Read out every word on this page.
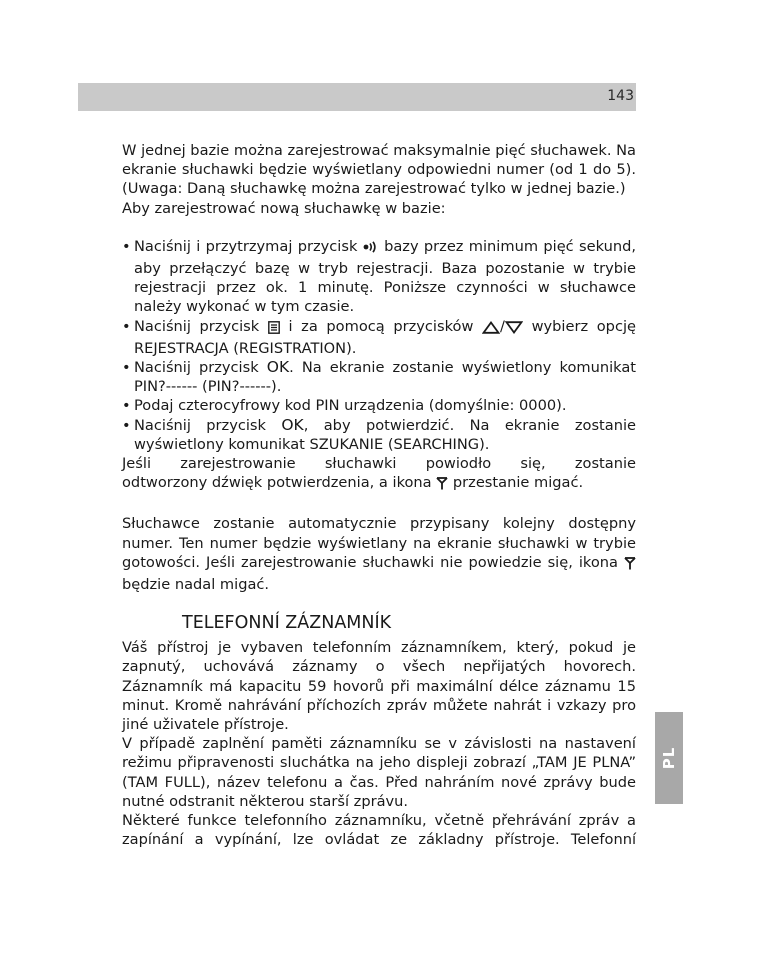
143
PL

W jednej bazie można zarejestrować maksymalnie pięć słuchawek. Na ekranie słuchawki będzie wyświetlany odpowiedni numer (od 1 do 5). (Uwaga: Daną słuchawkę można zarejestrować tylko w jednej bazie.)

Aby zarejestrować nową słuchawkę w bazie:

• Naciśnij i przytrzymaj przycisk  bazy przez minimum pięć sekund, aby przełączyć bazę w tryb rejestracji. Baza pozostanie w trybie rejestracji przez ok. 1 minutę. Poniższe czynności w słuchawce należy wykonać w tym czasie.
• Naciśnij przycisk  i za pomocą przycisków / wybierz opcję REJESTRACJA (REGISTRATION).
• Naciśnij przycisk OK. Na ekranie zostanie wyświetlony komunikat PIN?------ (PIN?------).
• Podaj czterocyfrowy kod PIN urządzenia (domyślnie: 0000).
• Naciśnij przycisk OK, aby potwierdzić. Na ekranie zostanie wyświetlony komunikat SZUKANIE (SEARCHING).

Jeśli zarejestrowanie słuchawki powiodło się, zostanie

odtworzony dźwięk potwierdzenia, a ikona  przestanie migać.

Słuchawce zostanie automatycznie przypisany kolejny dostępny numer. Ten numer będzie wyświetlany na ekranie słuchawki w trybie gotowości. Jeśli zarejestrowanie słuchawki nie powiedzie się, ikona  będzie nadal migać.

TELEFONNÍ ZÁZNAMNÍK

Váš přístroj je vybaven telefonním záznamníkem, který, pokud je zapnutý, uchovává záznamy o všech nepřijatých hovorech. Záznamník má kapacitu 59 hovorů při maximální délce záznamu 15 minut. Kromě nahrávání příchozích zpráv můžete nahrát i vzkazy pro jiné uživatele přístroje.

V případě zaplnění paměti záznamníku se v závislosti na nastavení režimu připravenosti sluchátka na jeho displeji zobrazí „TAM JE PLNA” (TAM FULL), název telefonu a čas. Před nahráním nové zprávy bude nutné odstranit některou starší zprávu.

Některé funkce telefonního záznamníku, včetně přehrávání zpráv a zapínání a vypínání, lze ovládat ze základny přístroje. Telefonní
